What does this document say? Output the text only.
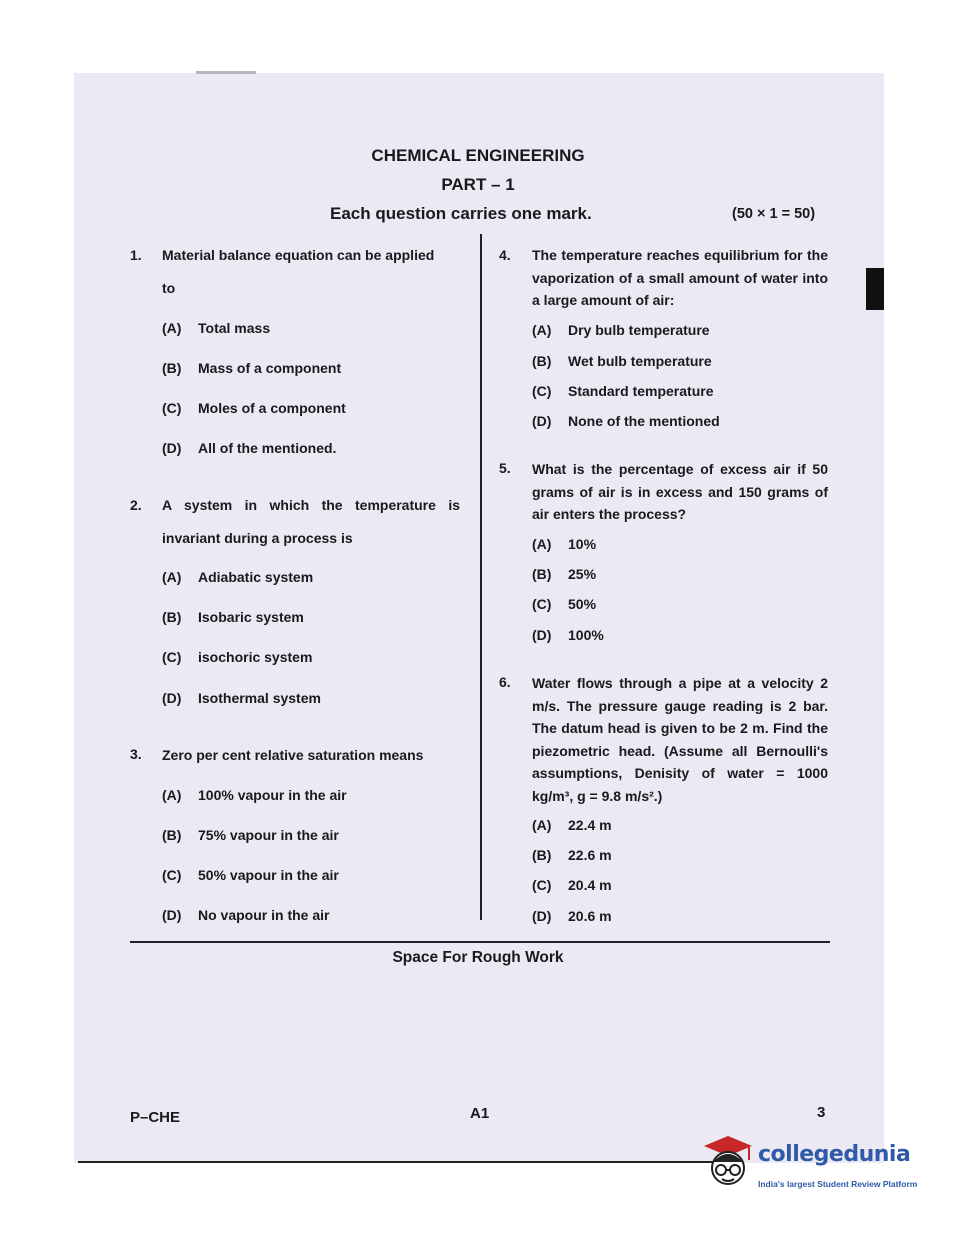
CHEMICAL ENGINEERING
PART – 1
Each question carries one mark.	(50 × 1 = 50)
1. Material balance equation can be applied
to
(A) Total mass
(B) Mass of a component
(C) Moles of a component
(D) All of the mentioned.
2. A system in which the temperature is
invariant during a process is
(A) Adiabatic system
(B) Isobaric system
(C) isochoric system
(D) Isothermal system
3. Zero per cent relative saturation means
(A) 100% vapour in the air
(B) 75% vapour in the air
(C) 50% vapour in the air
(D) No vapour in the air
4. The temperature reaches equilibrium for the vaporization of a small amount of water into a large amount of air:
(A) Dry bulb temperature
(B) Wet bulb temperature
(C) Standard temperature
(D) None of the mentioned
5. What is the percentage of excess air if 50 grams of air is in excess and 150 grams of air enters the process?
(A) 10%
(B) 25%
(C) 50%
(D) 100%
6. Water flows through a pipe at a velocity 2 m/s. The pressure gauge reading is 2 bar. The datum head is given to be 2 m. Find the piezometric head. (Assume all Bernoulli's assumptions, Denisity of water = 1000 kg/m³, g = 9.8 m/s².)
(A) 22.4 m
(B) 22.6 m
(C) 20.4 m
(D) 20.6 m
Space For Rough Work
P–CHE	A1	3
collegedunia
India's largest Student Review Platform
